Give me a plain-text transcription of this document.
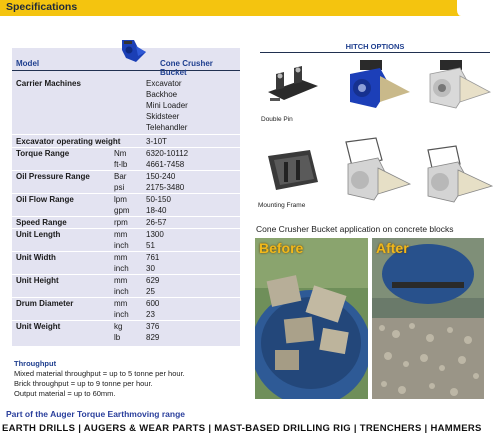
Specifications
Model	Cone Crusher Bucket
Carrier Machines	Excavator
Backhoe
Mini Loader
Skidsteer
Telehandler
Excavator operating weight	3-10T
Torque Range	Nm 6320-10112
ft-lb 4661-7458
Oil Pressure Range	Bar 150-240
psi	2175-3480
Oil Flow Range	lpm 50-150
gpm 18-40
Speed Range	rpm 26-57
Unit Length	mm 1300
inch 51
Unit Width	mm 761
inch 30
Unit Height	mm 629
inch 25
Drum Diameter	mm 600
inch 23
Unit Weight	kg	376
lb	829
Throughput
Mixed material throughput = up to 5 tonne per hour.
Brick throughput = up to 9 tonne per hour.
Output material = up to 60mm.
HITCH OPTIONS
Double Pin
Mounting Frame
Cone Crusher Bucket application on concrete blocks
Before	After
Part of the Auger Torque Earthmoving range
EARTH DRILLS | AUGERS & WEAR PARTS | MAST-BASED DRILLING RIG | TRENCHERS | HAMMERS
